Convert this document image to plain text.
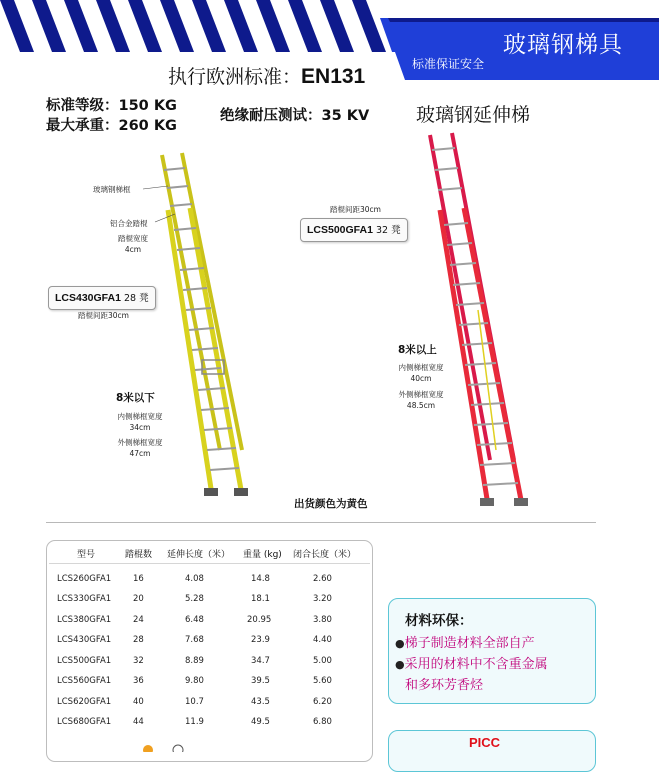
玻璃钢梯具
标准保证安全
执行欧洲标准：EN131
标准等级：150 KG
最大承重：260 KG
绝缘耐压测试：35 KV 玻璃钢延伸梯
玻璃钢梯框
铝合金踏棍
踏棍宽度
4cm
LCS430GFA1 28 凳
踏棍间距30cm
8米以下
内侧梯框宽度
34cm
外侧梯框宽度
47cm
踏棍间距30cm
LCS500GFA1 32 凳
8米以上
内侧梯框宽度
40cm
外侧梯框宽度
48.5cm
出货颜色为黄色
型号	踏棍数 延伸长度（米） 重量 (kg) 闭合长度（米）
LCS260GFA1	16	4.08	14.8	2.60
LCS330GFA1	20	5.28	18.1	3.20
LCS380GFA1	24	6.48	20.95	3.80
LCS430GFA1	28	7.68	23.9	4.40
LCS500GFA1	32	8.89	34.7	5.00
LCS560GFA1	36	9.80	39.5	5.60
LCS620GFA1	40	10.7	43.5	6.20
LCS680GFA1	44	11.9	49.5	6.80
材料环保：
●梯子制造材料全部自产
●采用的材料中不含重金属
和多环芳香烃
PICC
